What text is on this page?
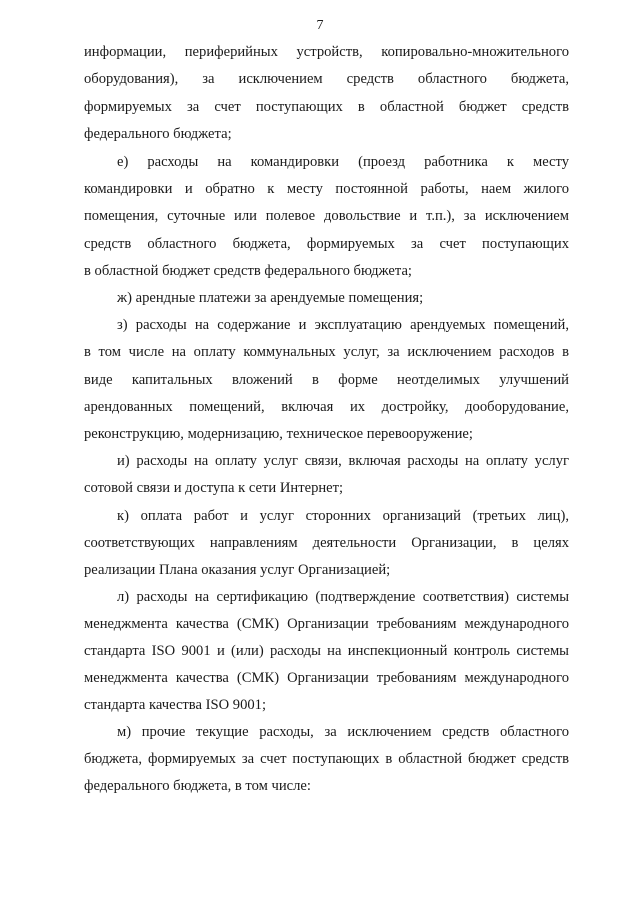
7
информации, периферийных устройств, копировально-множительного
оборудования), за исключением средств областного бюджета,
формируемых за счет поступающих в областной бюджет средств
федерального бюджета;
е) расходы на командировки (проезд работника к месту
командировки и обратно к месту постоянной работы, наем жилого
помещения, суточные или полевое довольствие и т.п.), за исключением
средств областного бюджета, формируемых за счет поступающих
в областной бюджет средств федерального бюджета;
ж) арендные платежи за арендуемые помещения;
з) расходы на содержание и эксплуатацию арендуемых помещений,
в том числе на оплату коммунальных услуг, за исключением расходов в
виде капитальных вложений в форме неотделимых улучшений
арендованных помещений, включая их достройку, дооборудование,
реконструкцию, модернизацию, техническое перевооружение;
и) расходы на оплату услуг связи, включая расходы на оплату услуг
сотовой связи и доступа к сети Интернет;
к) оплата работ и услуг сторонних организаций (третьих лиц),
соответствующих направлениям деятельности Организации, в целях
реализации Плана оказания услуг Организацией;
л) расходы на сертификацию (подтверждение соответствия) системы
менеджмента качества (СМК) Организации требованиям международного
стандарта ISO 9001 и (или) расходы на инспекционный контроль системы
менеджмента качества (СМК) Организации требованиям международного
стандарта качества ISO 9001;
м) прочие текущие расходы, за исключением средств областного
бюджета, формируемых за счет поступающих в областной бюджет средств
федерального бюджета, в том числе:
